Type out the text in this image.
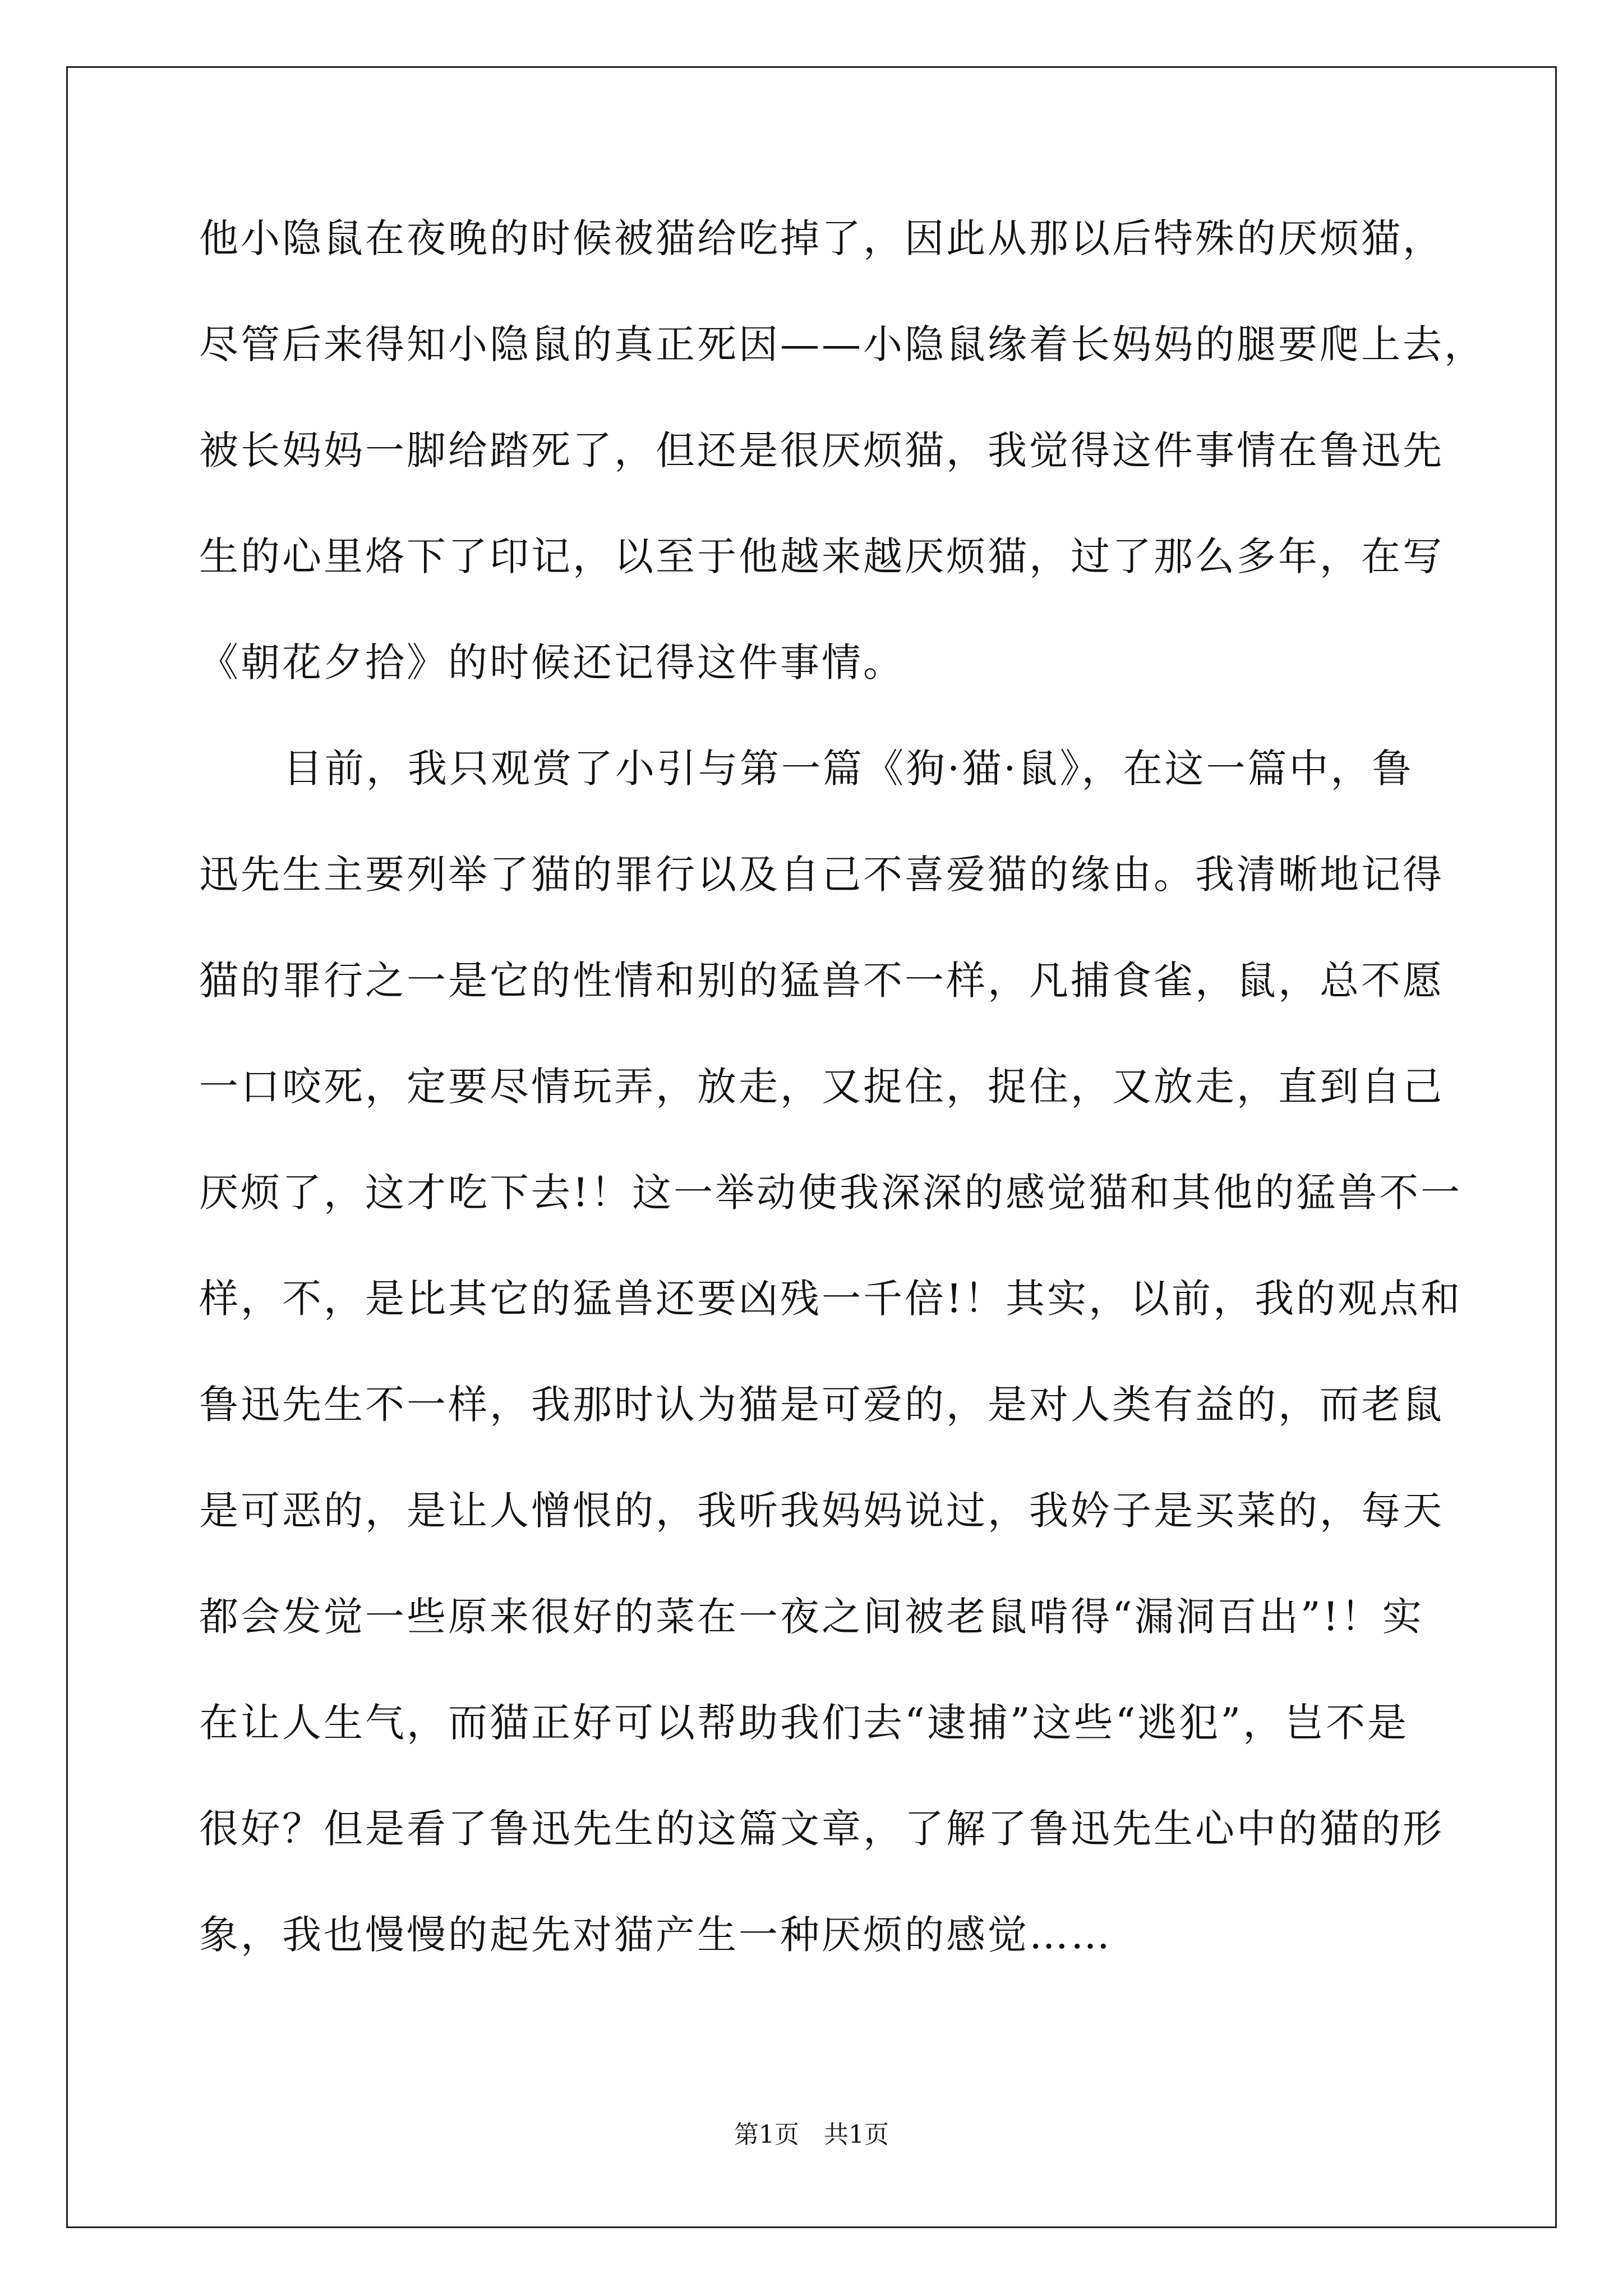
他小隐鼠在夜晚的时候被猫给吃掉了，因此从那以后特殊的厌烦猫，
尽管后来得知小隐鼠的真正死因——小隐鼠缘着长妈妈的腿要爬上去，
被长妈妈一脚给踏死了，但还是很厌烦猫，我觉得这件事情在鲁迅先
生的心里烙下了印记，以至于他越来越厌烦猫，过了那么多年，在写
《朝花夕拾》的时候还记得这件事情。
目前，我只观赏了小引与第一篇《狗·猫·鼠》，在这一篇中，鲁
迅先生主要列举了猫的罪行以及自己不喜爱猫的缘由。我清晰地记得
猫的罪行之一是它的性情和别的猛兽不一样，凡捕食雀，鼠，总不愿
一口咬死，定要尽情玩弄，放走，又捉住，捉住，又放走，直到自己
厌烦了，这才吃下去!！这一举动使我深深的感觉猫和其他的猛兽不一
样，不，是比其它的猛兽还要凶残一千倍!！其实，以前，我的观点和
鲁迅先生不一样，我那时认为猫是可爱的，是对人类有益的，而老鼠
是可恶的，是让人憎恨的，我听我妈妈说过，我妗子是买菜的，每天
都会发觉一些原来很好的菜在一夜之间被老鼠啃得“漏洞百出”!！实
在让人生气，而猫正好可以帮助我们去“逮捕”这些“逃犯”，岂不是
很好？但是看了鲁迅先生的这篇文章，了解了鲁迅先生心中的猫的形
象，我也慢慢的起先对猫产生一种厌烦的感觉……
第1页 共1页
